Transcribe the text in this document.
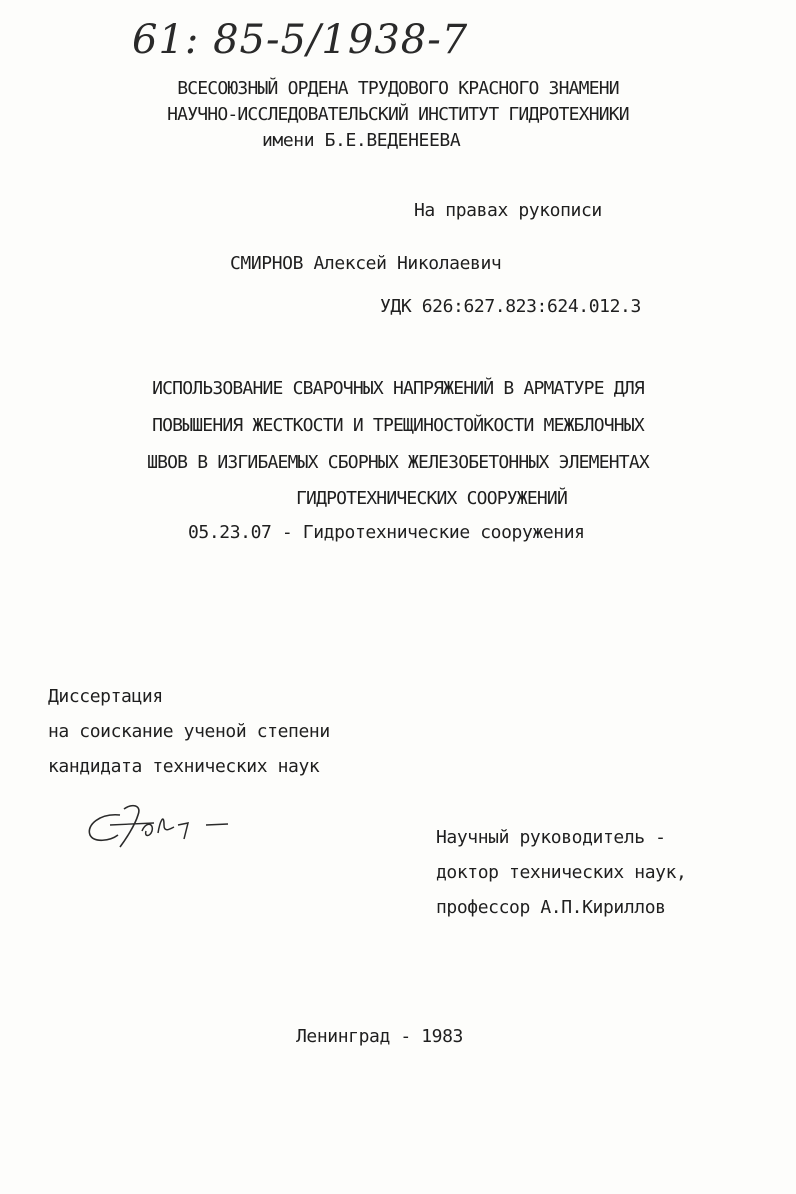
61: 85-5/1938-7
ВСЕСОЮЗНЫЙ ОРДЕНА ТРУДОВОГО КРАСНОГО ЗНАМЕНИ
НАУЧНО-ИССЛЕДОВАТЕЛЬСКИЙ ИНСТИТУТ ГИДРОТЕХНИКИ
имени Б.Е.ВЕДЕНЕЕВА
На правах рукописи
СМИРНОВ Алексей Николаевич
УДК 626:627.823:624.012.3
ИСПОЛЬЗОВАНИЕ СВАРОЧНЫХ НАПРЯЖЕНИЙ В АРМАТУРЕ ДЛЯ
ПОВЫШЕНИЯ ЖЕСТКОСТИ И ТРЕЩИНОСТОЙКОСТИ МЕЖБЛОЧНЫХ
ШВОВ В ИЗГИБАЕМЫХ СБОРНЫХ ЖЕЛЕЗОБЕТОННЫХ ЭЛЕМЕНТАХ
ГИДРОТЕХНИЧЕСКИХ СООРУЖЕНИЙ
05.23.07 - Гидротехнические сооружения
Диссертация
на соискание ученой степени
кандидата технических наук
Научный руководитель -
доктор технических наук,
профессор А.П.Кириллов
Ленинград - 1983
